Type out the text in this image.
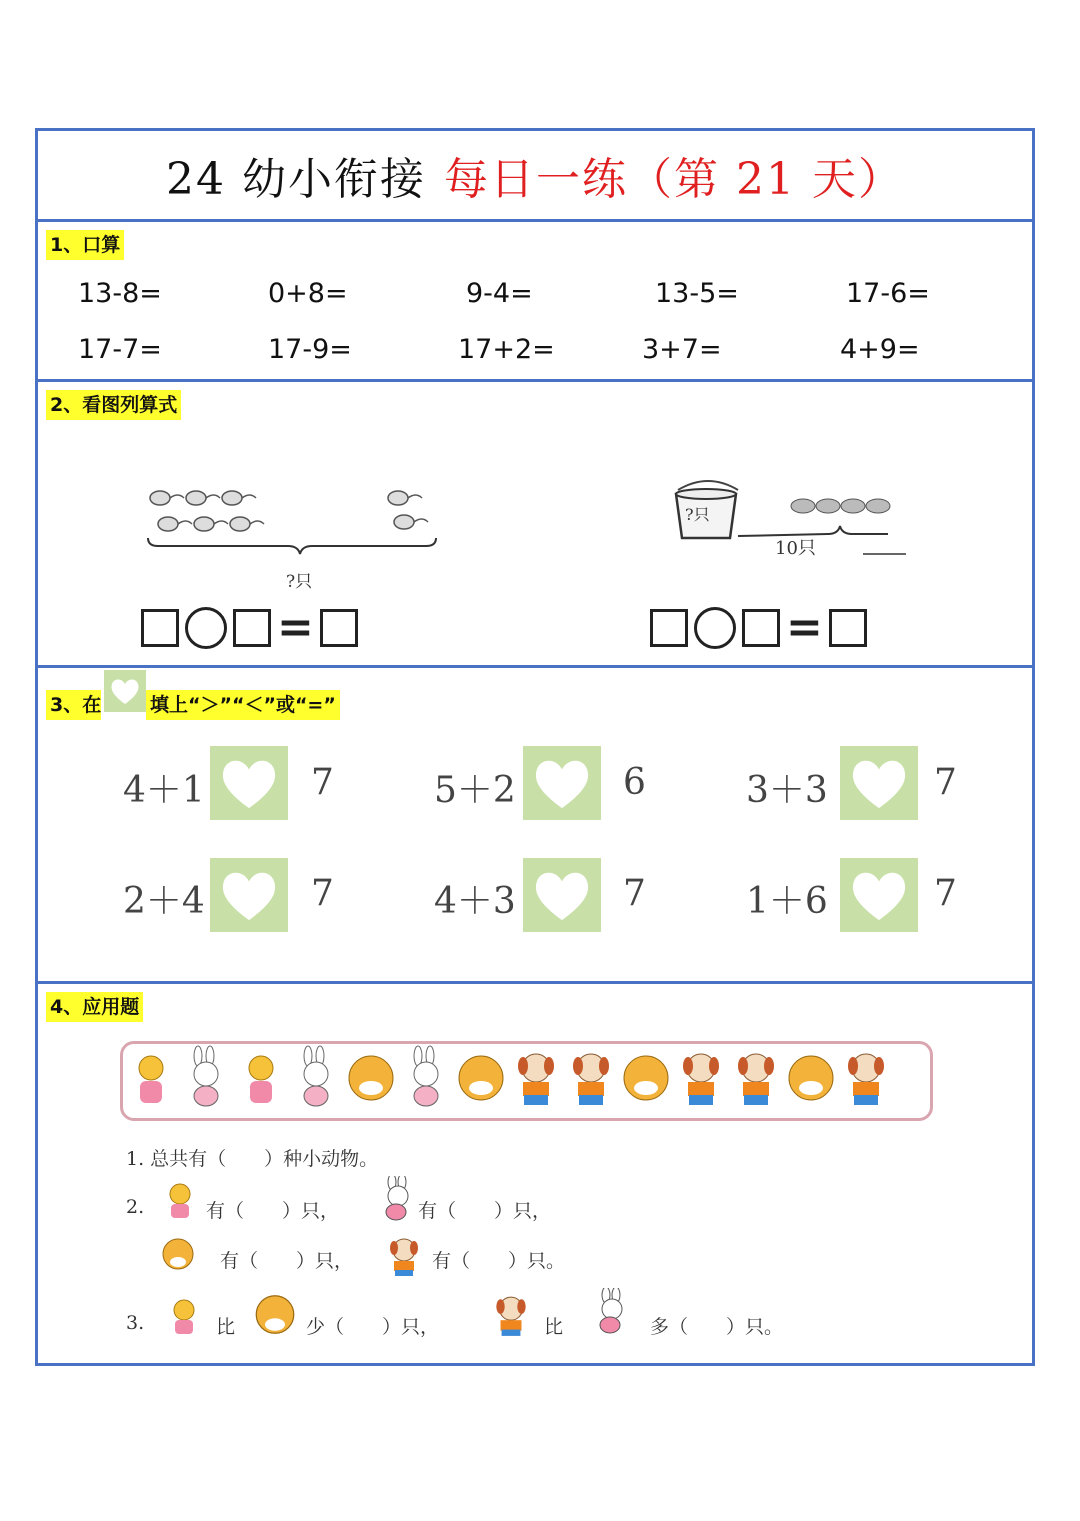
24 幼小衔接 每日一练（第 21 天）
1、口算
13-8=	0+8=	9-4=	13-5=	17-6=
17-7=	17-9=	17+2=	3+7=	4+9=
2、看图列算式
?只
?只
10只
=	=
3、在	填上“＞”“＜”或“=”
4＋1	7	5＋2	6	3＋3	7
2＋4	7	4＋3	7	1＋6	7
4、应用题
1. 总共有（　　）种小动物。
2.	有（　　）只，	有（　　）只，
有（　　）只，	有（　　）只。
3.	比	少（　　）只，	比	多（　　）只。
